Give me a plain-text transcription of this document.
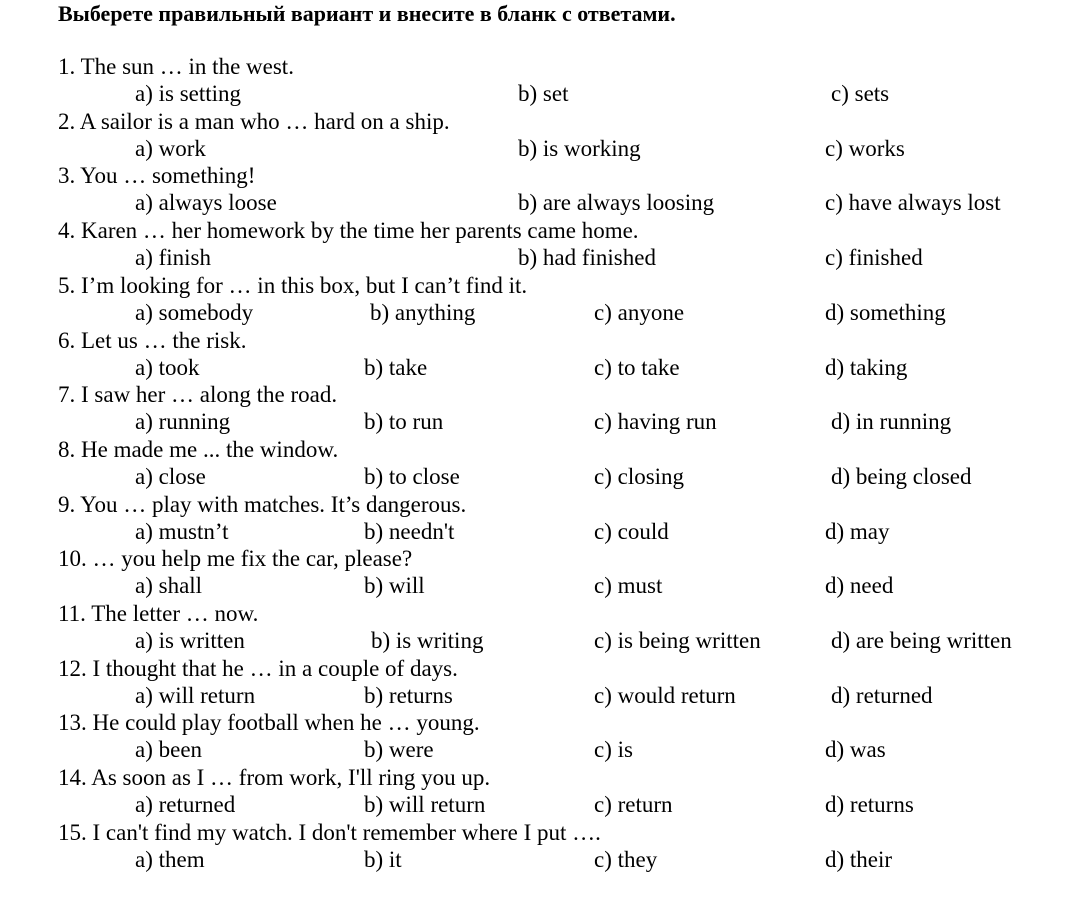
Выберете правильный вариант и внесите в бланк с ответами.
1. The sun … in the west.
a) is setting	b) set	c) sets
2. A sailor is a man who … hard on a ship.
a) work	b) is working	c) works
3. You … something!
a) always loose	b) are always loosing	c) have always lost
4. Karen … her homework by the time her parents came home.
a) finish	b) had finished	c) finished
5. I’m looking for … in this box, but I can’t find it.
a) somebody	b) anything	c) anyone	d) something
6. Let us … the risk.
a) took	b) take	c) to take	d) taking
7. I saw her … along the road.
a) running	b) to run	c) having run	d) in running
8. He made me ... the window.
a) close	b) to close	c) closing	d) being closed
9. You … play with matches. It’s dangerous.
a) mustn’t	b) needn't	c) could	d) may
10. … you help me fix the car, please?
a) shall	b) will	c) must	d) need
11. The letter … now.
a) is written	b) is writing	c) is being written	d) are being written
12. I thought that he … in a couple of days.
a) will return	b) returns	c) would return	d) returned
13. He could play football when he … young.
a) been	b) were	c) is	d) was
14. As soon as I … from work, I'll ring you up.
a) returned	b) will return	c) return	d) returns
15. I can't find my watch. I don't remember where I put ….
a) them	b) it	c) they	d) their
